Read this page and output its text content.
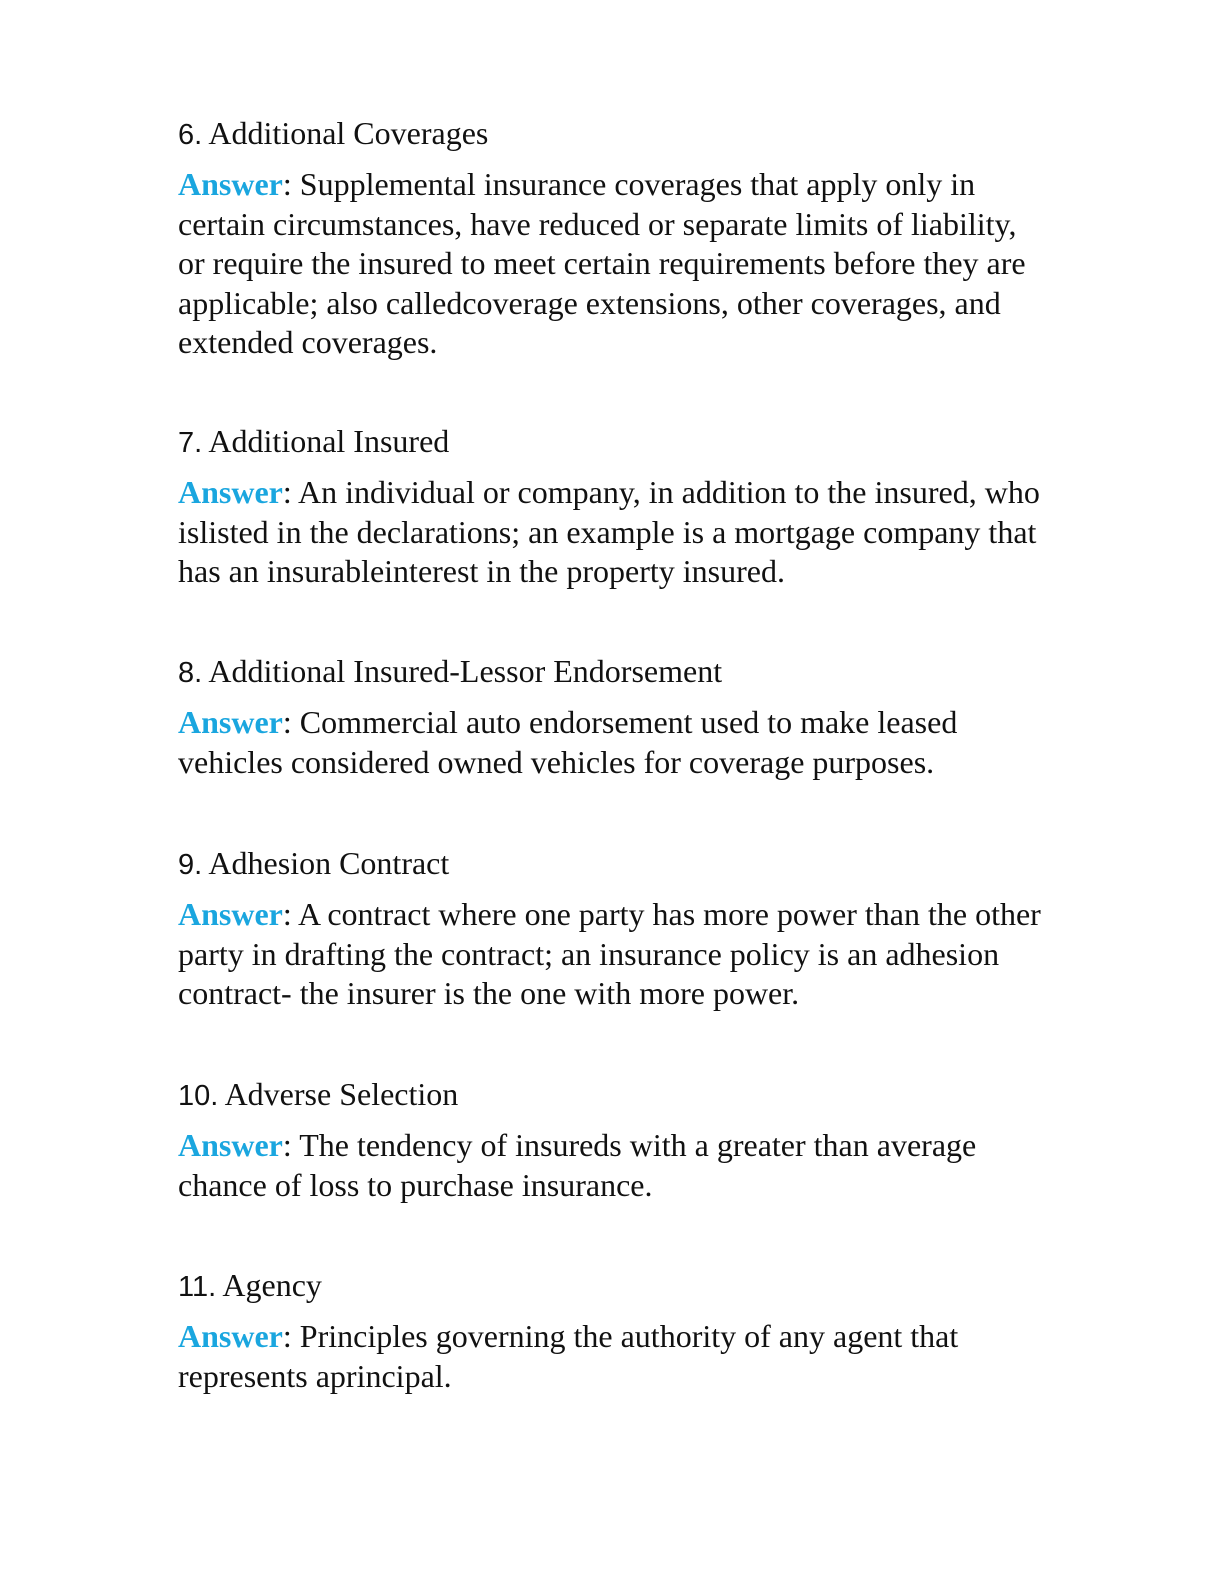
6. Additional Coverages

Answer: Supplemental insurance coverages that apply only in
certain circumstances, have reduced or separate limits of liability,
or require the insured to meet certain requirements before they are
applicable; also calledcoverage extensions, other coverages, and
extended coverages.

7. Additional Insured

Answer: An individual or company, in addition to the insured, who
islisted in the declarations; an example is a mortgage company that
has an insurableinterest in the property insured.

8. Additional Insured-Lessor Endorsement

Answer: Commercial auto endorsement used to make leased
vehicles considered owned vehicles for coverage purposes.

9. Adhesion Contract

Answer: A contract where one party has more power than the other
party in drafting the contract; an insurance policy is an adhesion
contract- the insurer is the one with more power.

10. Adverse Selection

Answer: The tendency of insureds with a greater than average
chance of loss to purchase insurance.

11. Agency

Answer: Principles governing the authority of any agent that
represents aprincipal.
